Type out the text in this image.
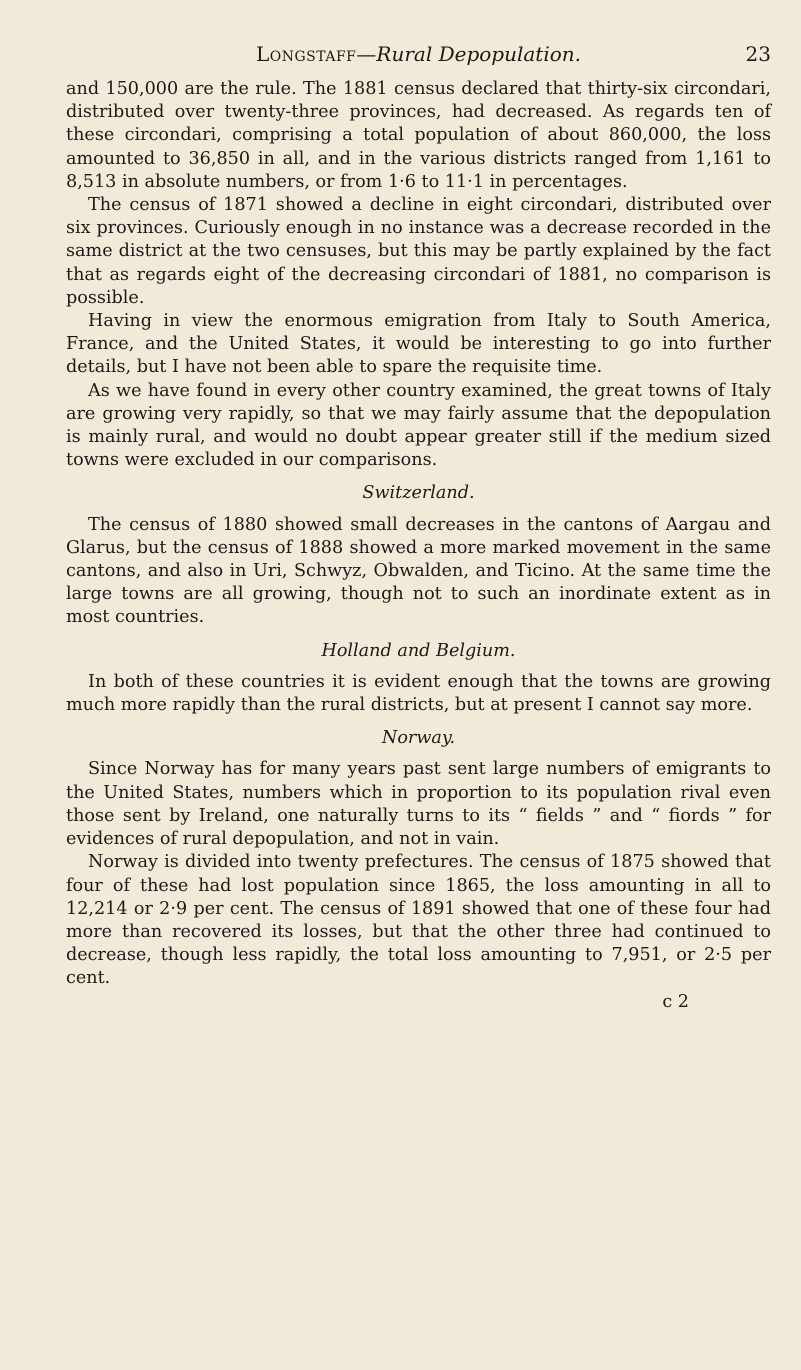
Longstaff—Rural Depopulation.	23

and 150,000 are the rule. The 1881 census declared that thirty-six circondari, distributed over twenty-three provinces, had decreased. As regards ten of these circondari, comprising a total population of about 860,000, the loss amounted to 36,850 in all, and in the various districts ranged from 1,161 to 8,513 in absolute numbers, or from 1·6 to 11·1 in percentages.

The census of 1871 showed a decline in eight circondari, distributed over six provinces. Curiously enough in no instance was a decrease recorded in the same district at the two censuses, but this may be partly explained by the fact that as regards eight of the decreasing circondari of 1881, no comparison is possible.

Having in view the enormous emigration from Italy to South America, France, and the United States, it would be interesting to go into further details, but I have not been able to spare the requisite time.

As we have found in every other country examined, the great towns of Italy are growing very rapidly, so that we may fairly assume that the depopulation is mainly rural, and would no doubt appear greater still if the medium sized towns were excluded in our comparisons.

Switzerland.

The census of 1880 showed small decreases in the cantons of Aargau and Glarus, but the census of 1888 showed a more marked movement in the same cantons, and also in Uri, Schwyz, Obwalden, and Ticino. At the same time the large towns are all growing, though not to such an inordinate extent as in most countries.

Holland and Belgium.

In both of these countries it is evident enough that the towns are growing much more rapidly than the rural districts, but at present I cannot say more.

Norway.

Since Norway has for many years past sent large numbers of emigrants to the United States, numbers which in proportion to its population rival even those sent by Ireland, one naturally turns to its “ fields ” and “ fiords ” for evidences of rural depopulation, and not in vain.

Norway is divided into twenty prefectures. The census of 1875 showed that four of these had lost population since 1865, the loss amounting in all to 12,214 or 2·9 per cent. The census of 1891 showed that one of these four had more than recovered its losses, but that the other three had continued to decrease, though less rapidly, the total loss amounting to 7,951, or 2·5 per cent.

c 2
